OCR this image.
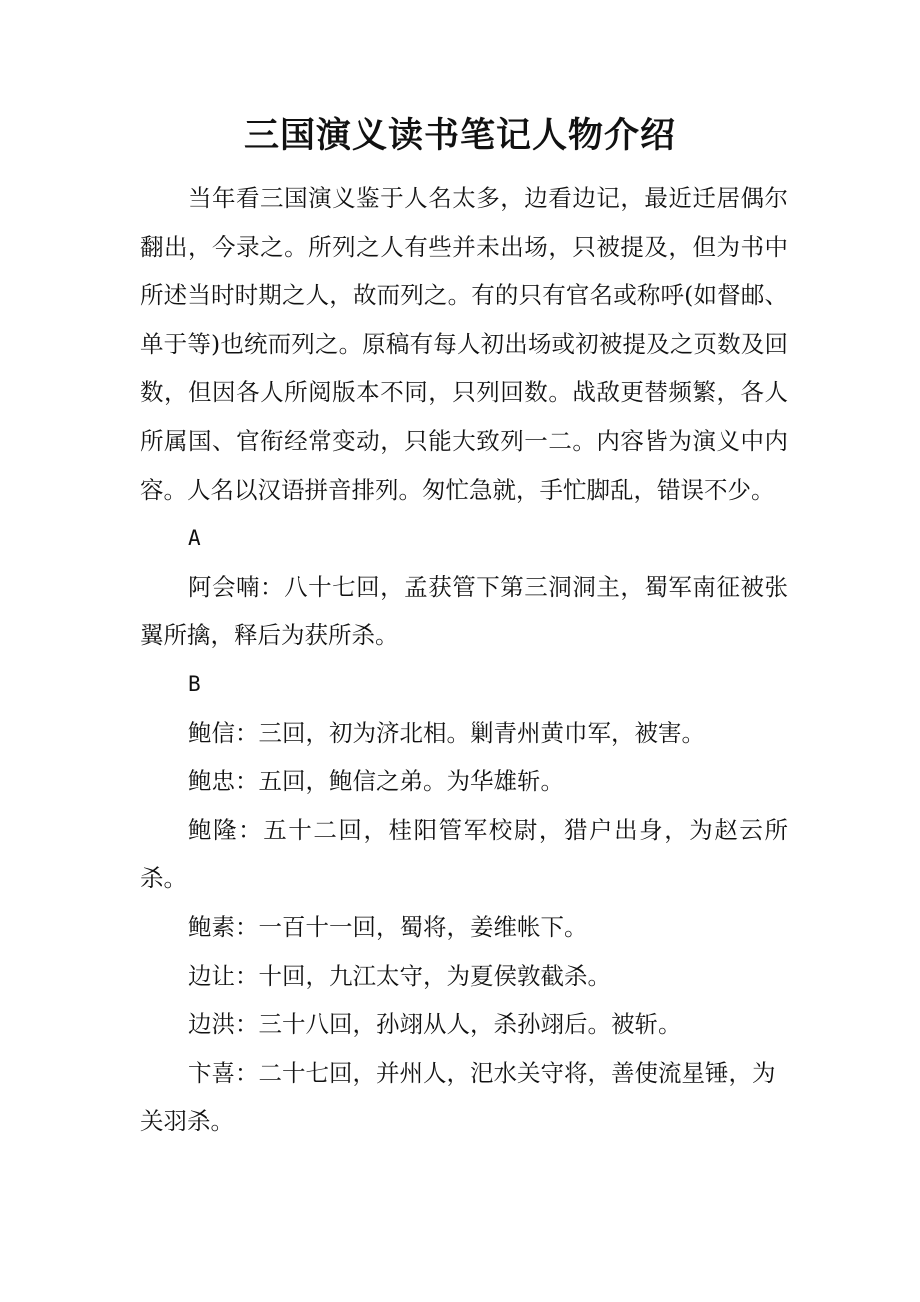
三国演义读书笔记人物介绍

当年看三国演义鉴于人名太多，边看边记，最近迁居偶尔翻出，今录之。所列之人有些并未出场，只被提及，但为书中所述当时时期之人，故而列之。有的只有官名或称呼(如督邮、单于等)也统而列之。原稿有每人初出场或初被提及之页数及回数，但因各人所阅版本不同，只列回数。战敌更替频繁，各人所属国、官衔经常变动，只能大致列一二。内容皆为演义中内容。人名以汉语拼音排列。匆忙急就，手忙脚乱，错误不少。

A

阿会喃：八十七回，孟获管下第三洞洞主，蜀军南征被张翼所擒，释后为获所杀。

B

鲍信：三回，初为济北相。剿青州黄巾军，被害。

鲍忠：五回，鲍信之弟。为华雄斩。

鲍隆：五十二回，桂阳管军校尉，猎户出身，为赵云所杀。

鲍素：一百十一回，蜀将，姜维帐下。

边让：十回，九江太守，为夏侯敦截杀。

边洪：三十八回，孙翊从人，杀孙翊后。被斩。

卞喜：二十七回，并州人，汜水关守将，善使流星锤，为关羽杀。
